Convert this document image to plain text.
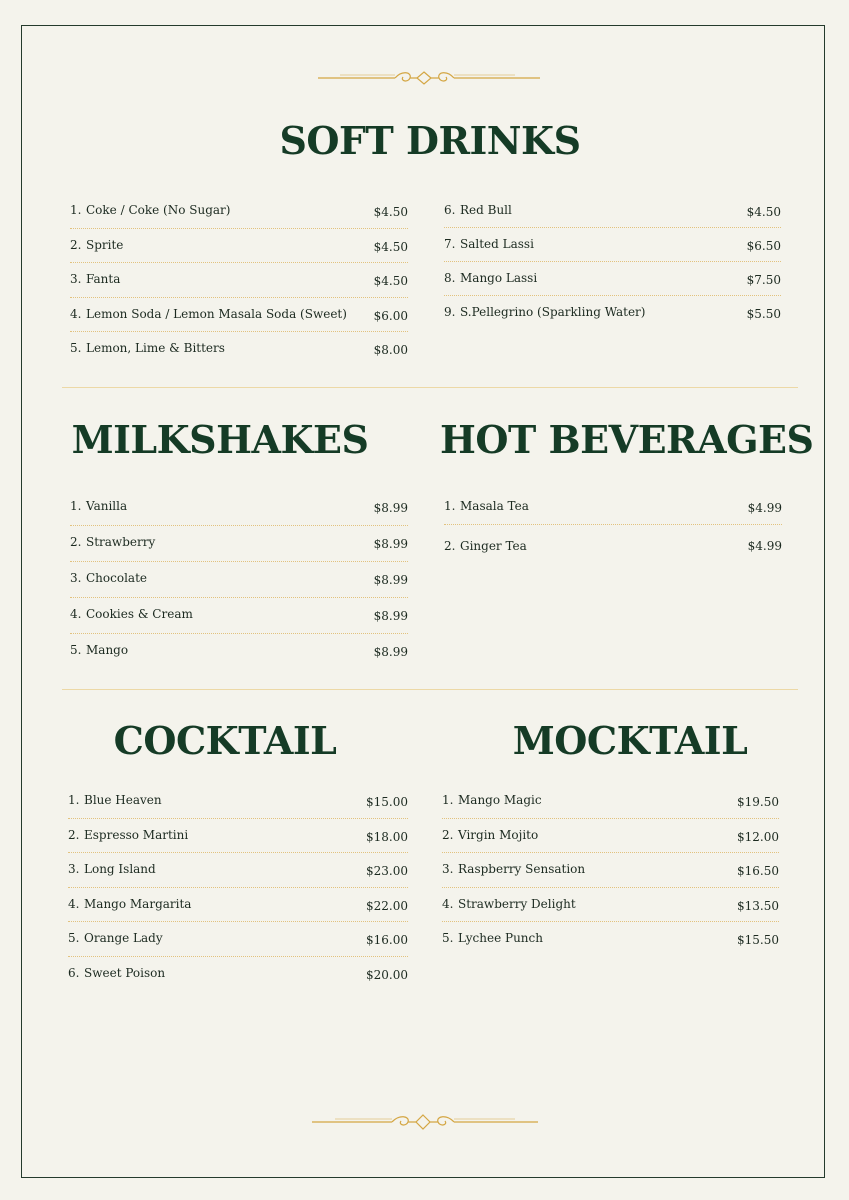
SOFT DRINKS
1. Coke / Coke (No Sugar)	$4.50
2. Sprite	$4.50
3. Fanta	$4.50
4. Lemon Soda / Lemon Masala Soda (Sweet) $6.00
5. Lemon, Lime & Bitters	$8.00
6. Red Bull	$4.50
7. Salted Lassi	$6.50
8. Mango Lassi	$7.50
9. S.Pellegrino (Sparkling Water)	$5.50
MILKSHAKES	HOT BEVERAGES
1. Vanilla	$8.99
2. Strawberry	$8.99
3. Chocolate	$8.99
4. Cookies & Cream	$8.99
5. Mango	$8.99
1. Masala Tea	$4.99
2. Ginger Tea	$4.99
COCKTAIL	MOCKTAIL
1. Blue Heaven	$15.00
2. Espresso Martini	$18.00
3. Long Island	$23.00
4. Mango Margarita	$22.00
5. Orange Lady	$16.00
6. Sweet Poison	$20.00
1. Mango Magic	$19.50
2. Virgin Mojito	$12.00
3. Raspberry Sensation	$16.50
4. Strawberry Delight	$13.50
5. Lychee Punch	$15.50
